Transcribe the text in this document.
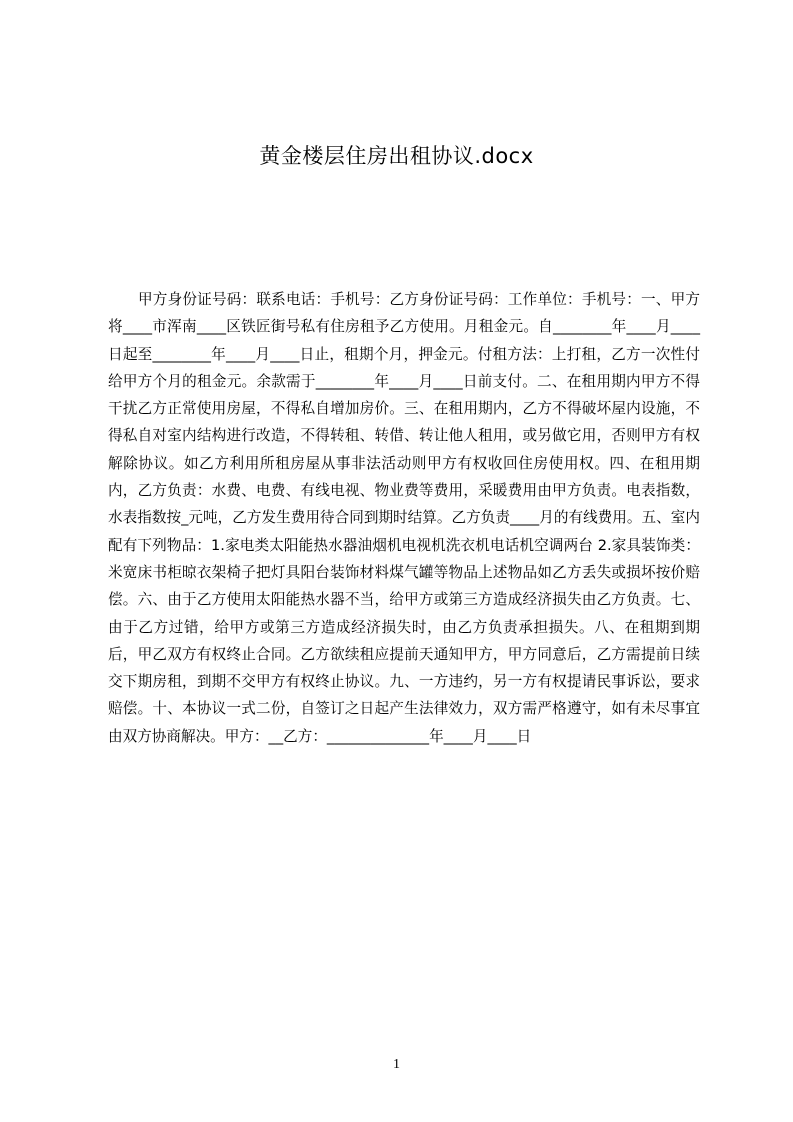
黄金楼层住房出租协议.docx
甲方身份证号码：联系电话：手机号：乙方身份证号码：工作单位：手机号：一、甲方将____市浑南____区铁匠街号私有住房租予乙方使用。月租金元。自________年____月____日起至________年____月____日止，租期个月，押金元。付租方法：上打租，乙方一次性付给甲方个月的租金元。余款需于________年____月____日前支付。二、在租用期内甲方不得干扰乙方正常使用房屋，不得私自增加房价。三、在租用期内，乙方不得破坏屋内设施，不得私自对室内结构进行改造，不得转租、转借、转让他人租用，或另做它用，否则甲方有权解除协议。如乙方利用所租房屋从事非法活动则甲方有权收回住房使用权。四、在租用期内，乙方负责：水费、电费、有线电视、物业费等费用，采暖费用由甲方负责。电表指数，水表指数按_元吨，乙方发生费用待合同到期时结算。乙方负责____月的有线费用。五、室内配有下列物品：1.家电类太阳能热水器油烟机电视机洗衣机电话机空调两台 2.家具装饰类：米宽床书柜晾衣架椅子把灯具阳台装饰材料煤气罐等物品上述物品如乙方丢失或损坏按价赔偿。六、由于乙方使用太阳能热水器不当，给甲方或第三方造成经济损失由乙方负责。七、由于乙方过错，给甲方或第三方造成经济损失时，由乙方负责承担损失。八、在租期到期后，甲乙双方有权终止合同。乙方欲续租应提前天通知甲方，甲方同意后，乙方需提前日续交下期房租，到期不交甲方有权终止协议。九、一方违约，另一方有权提请民事诉讼，要求赔偿。十、本协议一式二份，自签订之日起产生法律效力，双方需严格遵守，如有未尽事宜由双方协商解决。甲方：__乙方：______________年____月____日
1
